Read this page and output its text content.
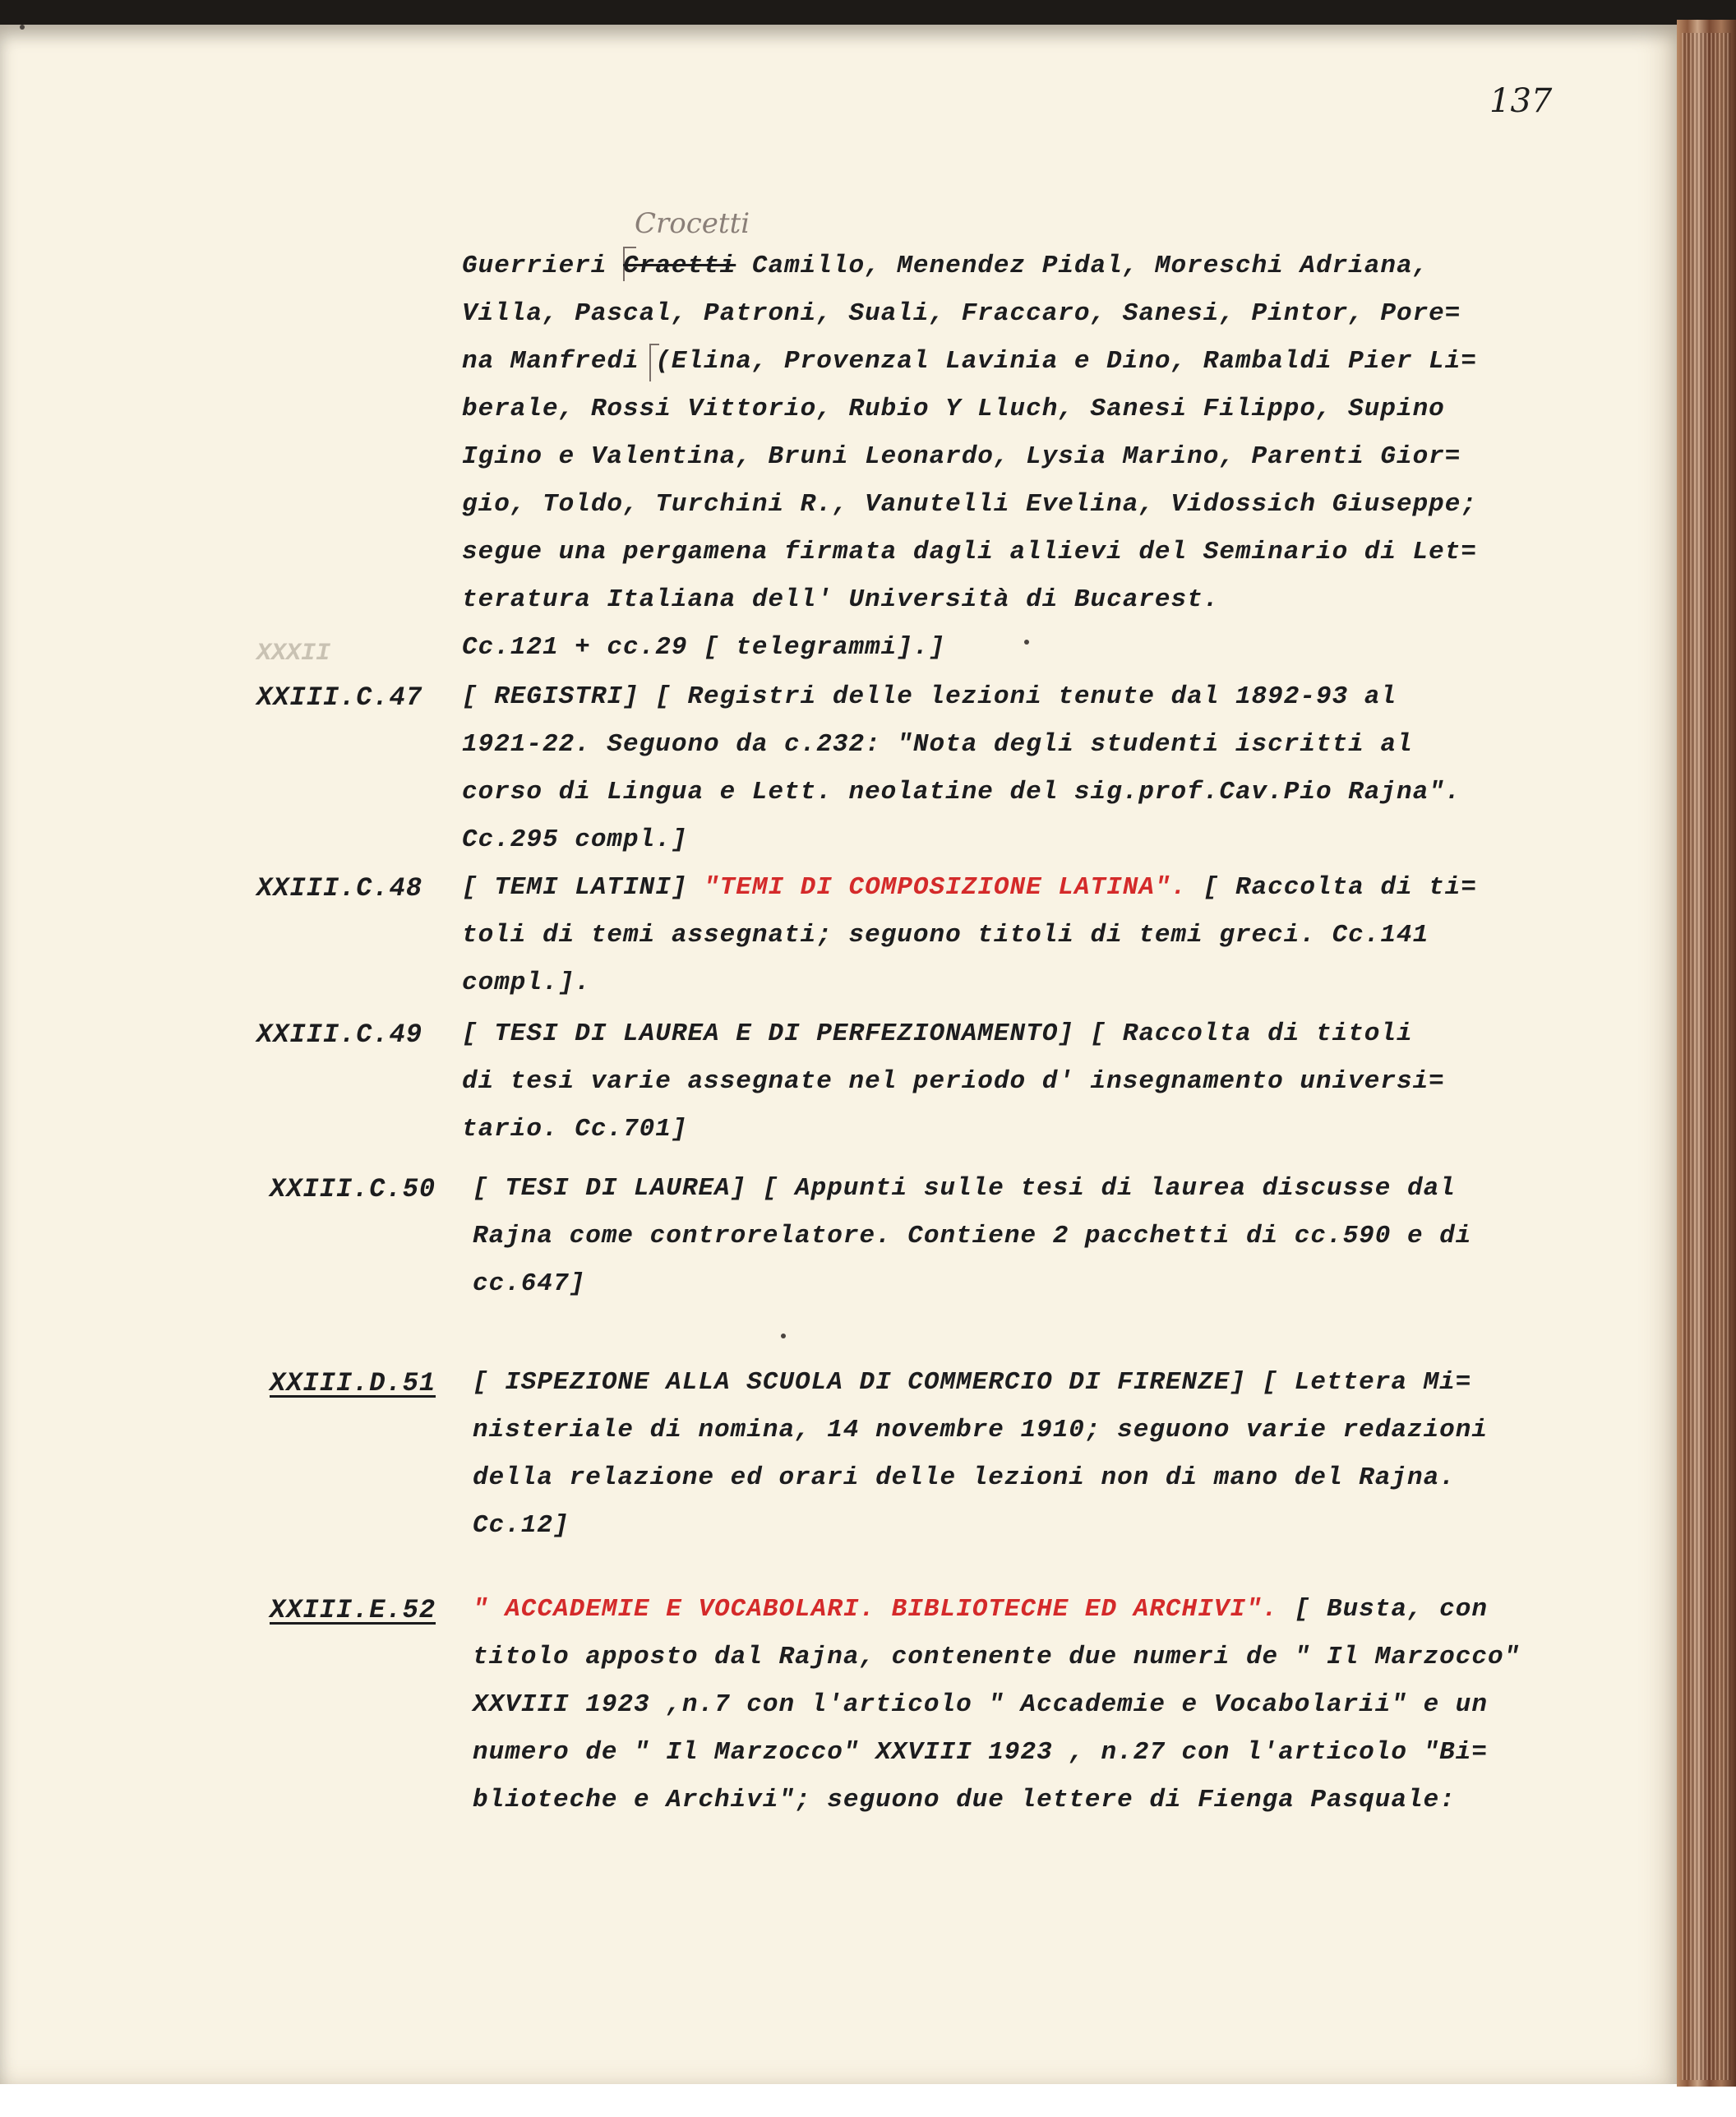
137
Crocetti
XXXII
Guerrieri Craetti Camillo, Menendez Pidal, Moreschi Adriana,
Villa, Pascal, Patroni, Suali, Fraccaro, Sanesi, Pintor, Pore=
na Manfredi (Elina, Provenzal Lavinia e Dino, Rambaldi Pier Li=
berale, Rossi Vittorio, Rubio Y Lluch, Sanesi Filippo, Supino
Igino e Valentina, Bruni Leonardo, Lysia Marino, Parenti Gior=
gio, Toldo, Turchini R., Vanutelli Evelina, Vidossich Giuseppe;
segue una pergamena firmata dagli allievi del Seminario di Let=
teratura Italiana dell' Università di Bucarest.
Cc.121 + cc.29 [ telegrammi].]
XXIII.C.47 [ REGISTRI] [ Registri delle lezioni tenute dal 1892-93 al
1921-22. Seguono da c.232: "Nota degli studenti iscritti al
corso di Lingua e Lett. neolatine del sig.prof.Cav.Pio Rajna".
Cc.295 compl.]
XXIII.C.48 [ TEMI LATINI] "TEMI DI COMPOSIZIONE LATINA". [ Raccolta di ti=
toli di temi assegnati; seguono titoli di temi greci. Cc.141
compl.].
XXIII.C.49 [ TESI DI LAUREA E DI PERFEZIONAMENTO] [ Raccolta di titoli
di tesi varie assegnate nel periodo d' insegnamento universi=
tario. Cc.701]
XXIII.C.50 [ TESI DI LAUREA] [ Appunti sulle tesi di laurea discusse dal
Rajna come controrelatore. Contiene 2 pacchetti di cc.590 e di
cc.647]
XXIII.D.51 [ ISPEZIONE ALLA SCUOLA DI COMMERCIO DI FIRENZE] [ Lettera Mi=
nisteriale di nomina, 14 novembre 1910; seguono varie redazioni
della relazione ed orari delle lezioni non di mano del Rajna.
Cc.12]
XXIII.E.52 " ACCADEMIE E VOCABOLARI. BIBLIOTECHE ED ARCHIVI". [ Busta, con
titolo apposto dal Rajna, contenente due numeri de " Il Marzocco"
XXVIII 1923 ,n.7 con l'articolo " Accademie e Vocabolarii" e un
numero de " Il Marzocco" XXVIII 1923 , n.27 con l'articolo "Bi=
blioteche e Archivi"; seguono due lettere di Fienga Pasquale:
